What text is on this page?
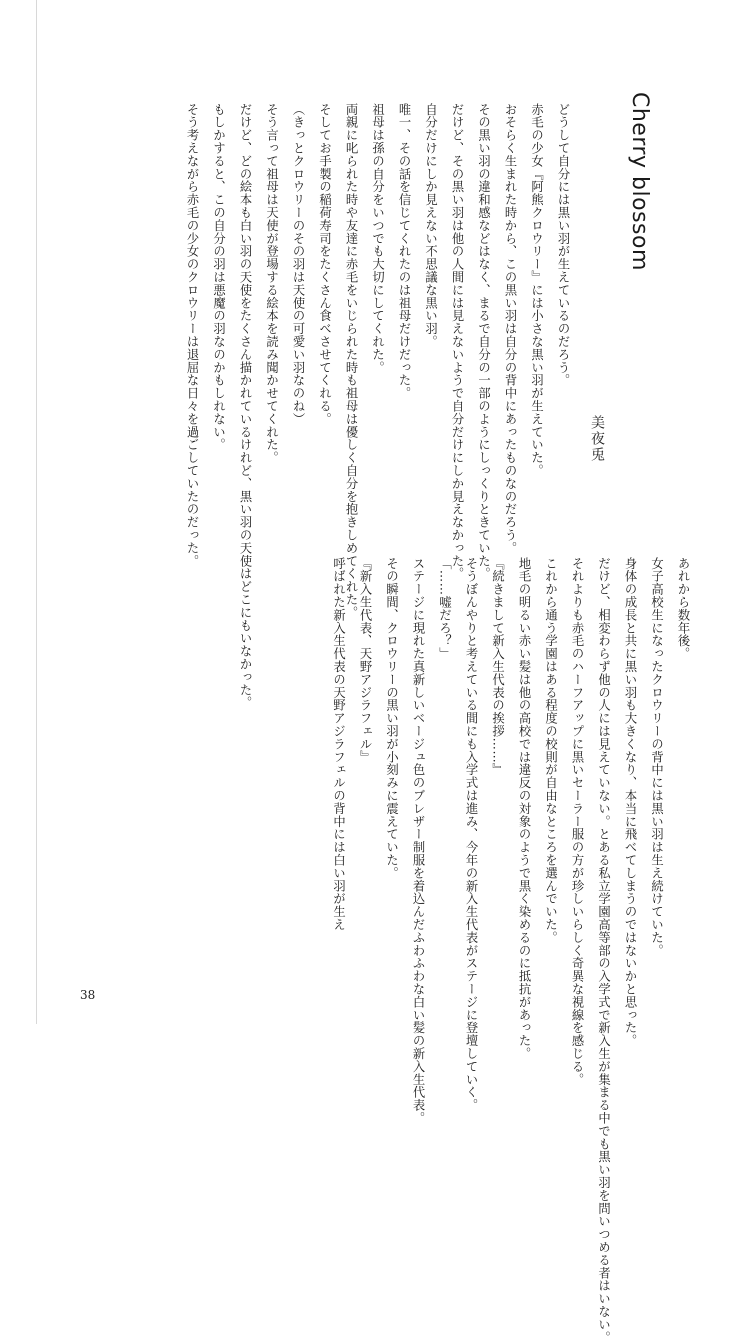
Cherry blossom
美夜兎
どうして自分には黒い羽が生えているのだろう。
赤毛の少女『阿熊クロウリー』には小さな黒い羽が生えていた。
おそらく生まれた時から、この黒い羽は自分の背中にあったものなのだろう。
その黒い羽の違和感などはなく、まるで自分の一部のようにしっくりときていた。
だけど、その黒い羽は他の人間には見えないようで自分だけにしか見えなかった。
自分だけにしか見えない不思議な黒い羽。
唯一、その話を信じてくれたのは祖母だけだった。
祖母は孫の自分をいつでも大切にしてくれた。
両親に叱られた時や友達に赤毛をいじられた時も祖母は優しく自分を抱きしめてくれた。
そしてお手製の稲荷寿司をたくさん食べさせてくれる。
（きっとクロウリーのその羽は天使の可愛い羽なのね）
そう言って祖母は天使が登場する絵本を読み聞かせてくれた。
だけど、どの絵本も白い羽の天使をたくさん描かれているけれど、黒い羽の天使はどこにもいなかった。
もしかすると、この自分の羽は悪魔の羽なのかもしれない。
そう考えながら赤毛の少女のクロウリーは退屈な日々を過ごしていたのだった。
あれから数年後。
女子高校生になったクロウリーの背中には黒い羽は生え続けていた。
身体の成長と共に黒い羽も大きくなり、本当に飛べてしまうのではないかと思った。
だけど、相変わらず他の人には見えていない。とある私立学園高等部の入学式で新入生が集まる中でも黒い羽を問いつめる者はいない。
それよりも赤毛のハーフアップに黒いセーラー服の方が珍しいらしく奇異な視線を感じる。
これから通う学園はある程度の校則が自由なところを選んでいた。
地毛の明るい赤い髪は他の高校では違反の対象のようで黒く染めるのに抵抗があった。
『続きまして新入生代表の挨拶……』
そうぼんやりと考えている間にも入学式は進み、今年の新入生代表がステージに登壇していく。
「……嘘だろ？」
ステージに現れた真新しいベージュ色のブレザー制服を着込んだふわふわな白い髪の新入生代表。
その瞬間、クロウリーの黒い羽が小刻みに震えていた。
『新入生代表、天野アジラフェル』
呼ばれた新入生代表の天野アジラフェルの背中には白い羽が生え
38
